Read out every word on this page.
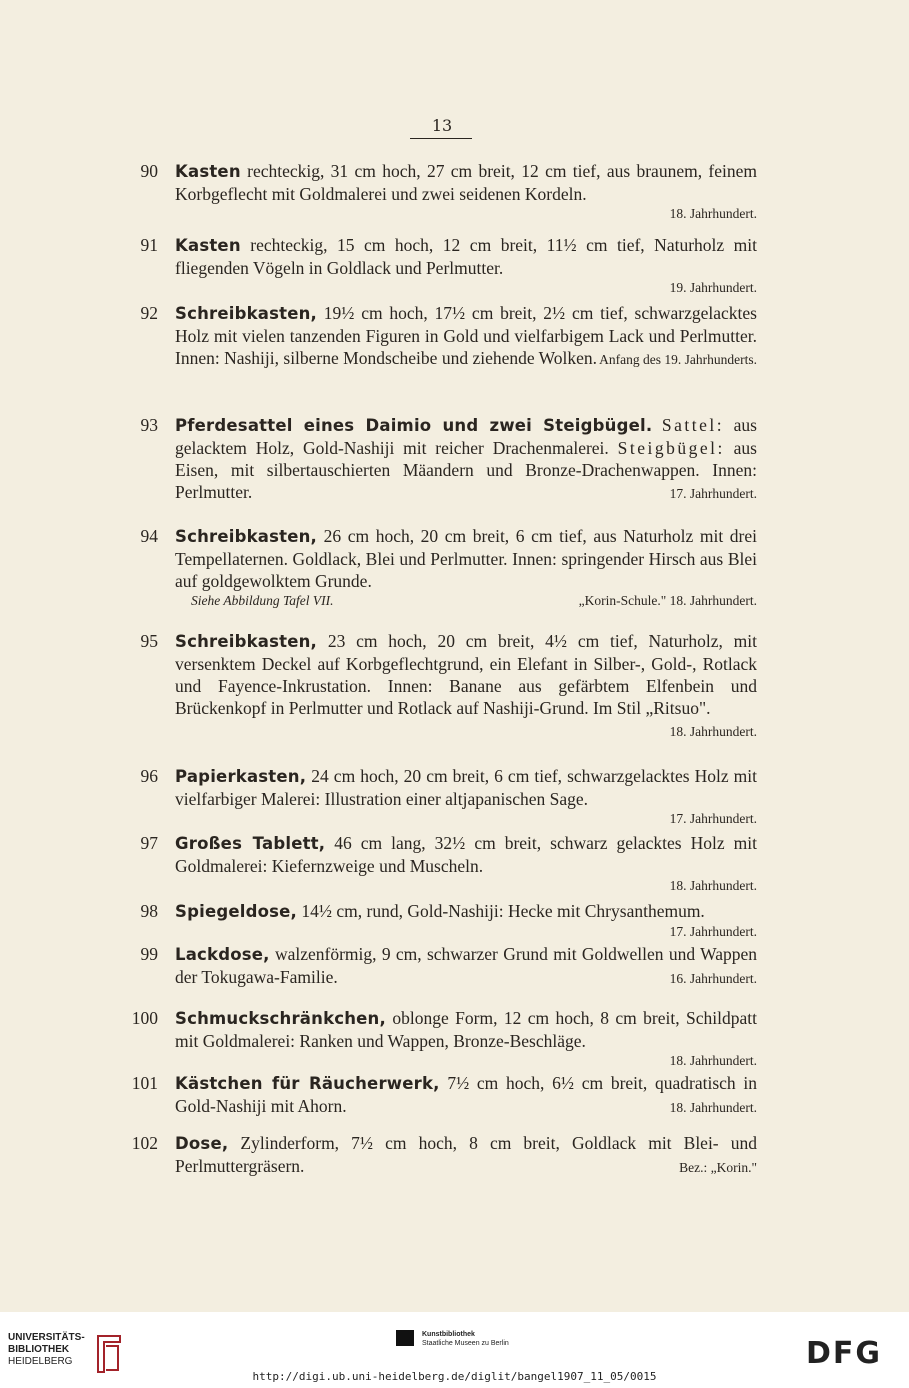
13
90 Kasten rechteckig, 31 cm hoch, 27 cm breit, 12 cm tief, aus braunem, feinem Korbgeflecht mit Goldmalerei und zwei seidenen Kordeln.
18. Jahrhundert.
91 Kasten rechteckig, 15 cm hoch, 12 cm breit, 11½ cm tief, Naturholz mit fliegenden Vögeln in Goldlack und Perlmutter.
19. Jahrhundert.
92 Schreibkasten, 19½ cm hoch, 17½ cm breit, 2½ cm tief, schwarzgelacktes Holz mit vielen tanzenden Figuren in Gold und vielfarbigem Lack und Perlmutter. Innen: Nashiji, silberne Mondscheibe und ziehende Wolken. Anfang des 19. Jahrhunderts.
93 Pferdesattel eines Daimio und zwei Steigbügel. Sattel: aus gelacktem Holz, Gold-Nashiji mit reicher Drachenmalerei. Steigbügel: aus Eisen, mit silbertauschierten Mäandern und Bronze-Drachenwappen. Innen: Perlmutter.	17. Jahrhundert.
94 Schreibkasten, 26 cm hoch, 20 cm breit, 6 cm tief, aus Naturholz mit drei Tempellaternen. Goldlack, Blei und Perlmutter. Innen: springender Hirsch aus Blei auf goldgewolktem Grunde.
Siehe Abbildung Tafel VII.	„Korin-Schule." 18. Jahrhundert.
95 Schreibkasten, 23 cm hoch, 20 cm breit, 4½ cm tief, Naturholz, mit versenktem Deckel auf Korbgeflechtgrund, ein Elefant in Silber-, Gold-, Rotlack und Fayence-Inkrustation. Innen: Banane aus gefärbtem Elfenbein und Brückenkopf in Perlmutter und Rotlack auf Nashiji-Grund. Im Stil „Ritsuo".
18. Jahrhundert.
96 Papierkasten, 24 cm hoch, 20 cm breit, 6 cm tief, schwarzgelacktes Holz mit vielfarbiger Malerei: Illustration einer altjapanischen Sage.
17. Jahrhundert.
97 Großes Tablett, 46 cm lang, 32½ cm breit, schwarz gelacktes Holz mit Goldmalerei: Kiefernzweige und Muscheln.
18. Jahrhundert.
98 Spiegeldose, 14½ cm, rund, Gold-Nashiji: Hecke mit Chrysanthemum.
17. Jahrhundert.
99 Lackdose, walzenförmig, 9 cm, schwarzer Grund mit Goldwellen und Wappen der Tokugawa-Familie.	16. Jahrhundert.
100 Schmuckschränkchen, oblonge Form, 12 cm hoch, 8 cm breit, Schildpatt mit Goldmalerei: Ranken und Wappen, Bronze-Beschläge.
18. Jahrhundert.
101 Kästchen für Räucherwerk, 7½ cm hoch, 6½ cm breit, quadratisch in Gold-Nashiji mit Ahorn.	18. Jahrhundert.
102 Dose, Zylinderform, 7½ cm hoch, 8 cm breit, Goldlack mit Blei- und Perlmuttergräsern.	Bez.: „Korin."
UNIVERSITÄTS-
BIBLIOTHEK
HEIDELBERG
Kunstbibliothek
Staatliche Museen zu Berlin	DFG
http://digi.ub.uni-heidelberg.de/diglit/bangel1907_11_05/0015
